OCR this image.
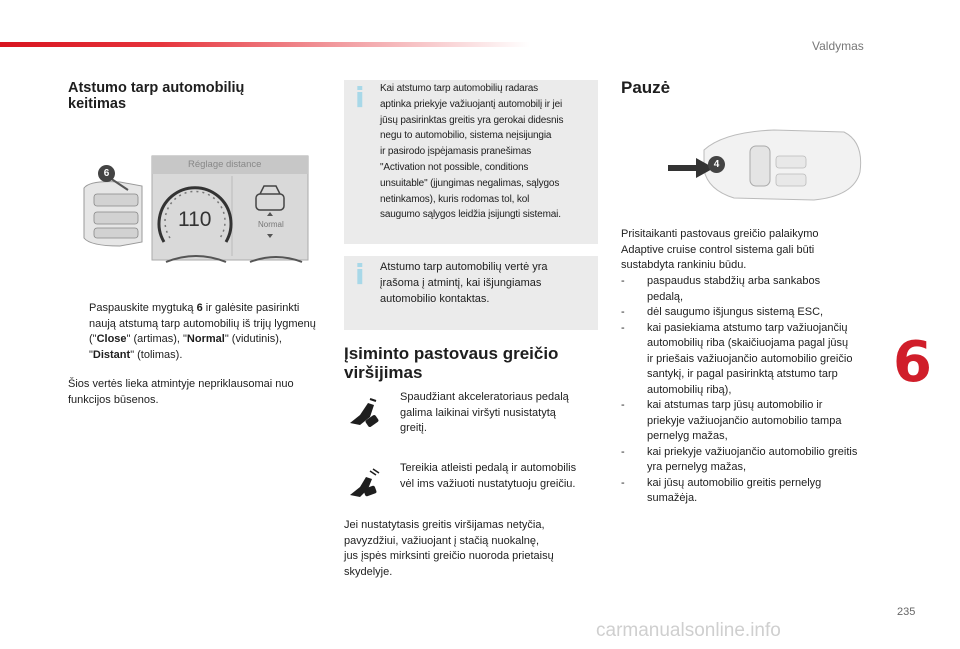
Valdymas
Atstumo tarp automobilių
keitimas
Réglage distance
110	Normal
6
Paspauskite mygtuką 6 ir galėsite pasirinkti naują atstumą tarp automobilių iš trijų lygmenų ("Close" (artimas), "Normal" (vidutinis), "Distant" (tolimas).
Šios vertės lieka atmintyje nepriklausomai nuo
funkcijos būsenos.
i Kai atstumo tarp automobilių radaras
aptinka priekyje važiuojantį automobilį ir jei
jūsų pasirinktas greitis yra gerokai didesnis
negu to automobilio, sistema neįsijungia
ir pasirodo įspėjamasis pranešimas
"Activation not possible, conditions
unsuitable" (įjungimas negalimas, sąlygos
netinkamos), kuris rodomas tol, kol
saugumo sąlygos leidžia įsijungti sistemai.
i Atstumo tarp automobilių vertė yra
įrašoma į atmintį, kai išjungiamas
automobilio kontaktas.
Įsiminto pastovaus greičio
viršijimas
Spaudžiant akceleratoriaus pedalą
galima laikinai viršyti nusistatytą
greitį.
Tereikia atleisti pedalą ir automobilis
vėl ims važiuoti nustatytuoju greičiu.
Jei nustatytasis greitis viršijamas netyčia,
pavyzdžiui, važiuojant į stačią nuokalnę,
jus įspės mirksinti greičio nuoroda prietaisų
skydelyje.
Pauzė
4
Prisitaikanti pastovaus greičio palaikymo
Adaptive cruise control sistema gali būti
sustabdyta rankiniu būdu.
- paspaudus stabdžių arba sankabos
pedalą,
- dėl saugumo išjungus sistemą ESC,
- kai pasiekiama atstumo tarp važiuojančių
automobilių riba (skaičiuojama pagal jūsų
ir priešais važiuojančio automobilio greičio
santykį, ir pagal pasirinktą atstumo tarp
automobilių ribą),
- kai atstumas tarp jūsų automobilio ir
priekyje važiuojančio automobilio tampa
pernelyg mažas,
- kai priekyje važiuojančio automobilio greitis
yra pernelyg mažas,
- kai jūsų automobilio greitis pernelyg
sumažėja.
6
235
carmanualsonline.info
